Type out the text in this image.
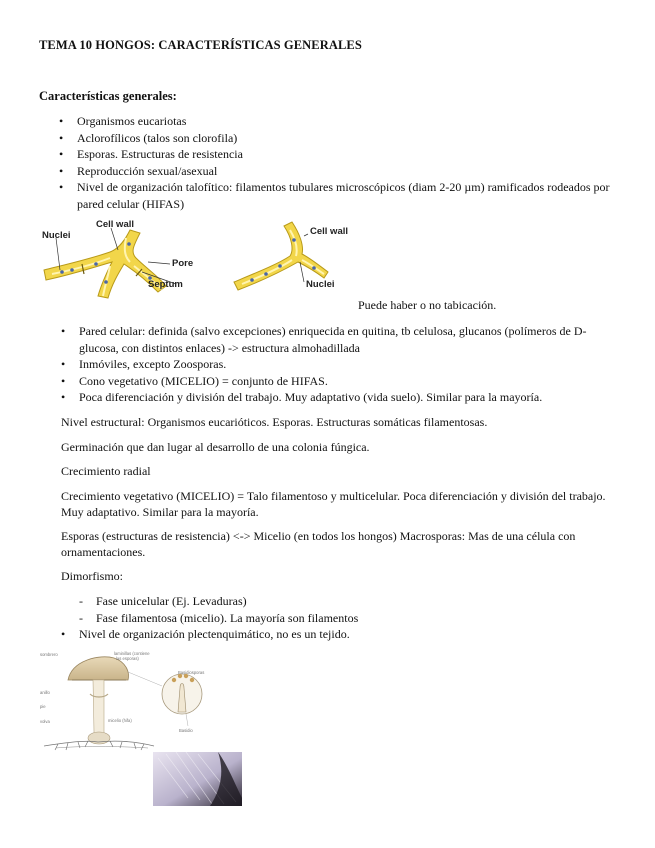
TEMA 10 HONGOS: CARACTERÍSTICAS GENERALES
Características generales:
• Organismos eucariotas
• Aclorofílicos (talos son clorofila)
• Esporas. Estructuras de resistencia
• Reproducción sexual/asexual
• Nivel de organización talofítico: filamentos tubulares microscópicos (diam 2-20 µm) ramificados rodeados por pared celular (HIFAS)
Nuclei
Cell wall
Pore
Septum
Cell wall
Nuclei
Puede haber o no tabicación.
• Pared celular: definida (salvo excepciones) enriquecida en quitina, tb celulosa, glucanos (polímeros de D-glucosa, con distintos enlaces) -> estructura almohadillada
• Inmóviles, excepto Zoosporas.
• Cono vegetativo (MICELIO) = conjunto de HIFAS.
• Poca diferenciación y división del trabajo. Muy adaptativo (vida suelo). Similar para la mayoría.
Nivel estructural: Organismos eucarióticos. Esporas. Estructuras somáticas filamentosas.
Germinación que dan lugar al desarrollo de una colonia fúngica.
Crecimiento radial
Crecimiento vegetativo (MICELIO) = Talo filamentoso y multicelular. Poca diferenciación y división del trabajo. Muy adaptativo. Similar para la mayoría.
Esporas (estructuras de resistencia) <-> Micelio (en todos los hongos) Macrosporas: Mas de una célula con ornamentaciones.
Dimorfismo:
- Fase unicelular (Ej. Levaduras)
- Fase filamentosa (micelio). La mayoría son filamentos
• Nivel de organización plectenquimático, no es un tejido.
sombrero	laminillas (contiene
las esporas)
Basidiosporas
anillo
pie
volva	micelio (hifa)
Basidio
